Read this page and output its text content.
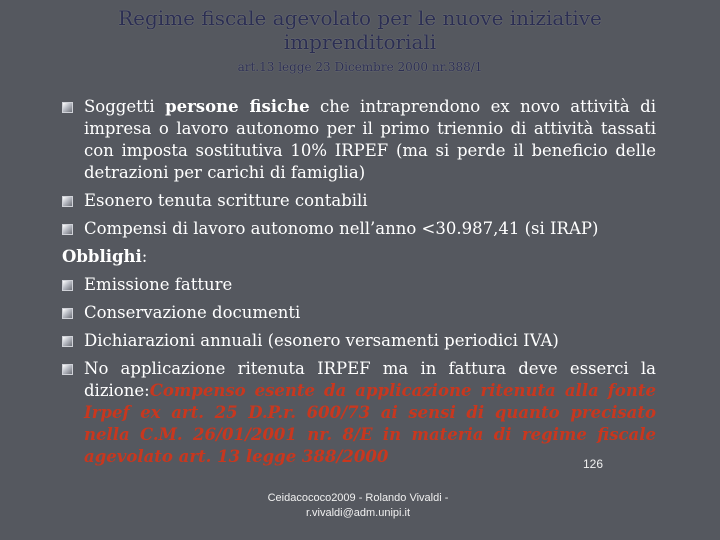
Regime fiscale agevolato per le nuove iniziative
imprenditoriali
art.13 legge 23 Dicembre 2000 nr.388/1
Soggetti persone fisiche che intraprendono ex novo attività di impresa o lavoro autonomo per il primo triennio di attività tassati con imposta sostitutiva 10% IRPEF (ma si perde il beneficio delle detrazioni per carichi di famiglia)
Esonero tenuta scritture contabili
Compensi di lavoro autonomo nell’anno <30.987,41 (si IRAP)
Obblighi:
Emissione fatture
Conservazione documenti
Dichiarazioni annuali (esonero versamenti periodici IVA)
No applicazione ritenuta IRPEF ma in fattura deve esserci la dizione:Compenso esente da applicazione ritenuta alla fonte Irpef ex art. 25 D.P.r. 600/73 ai sensi di quanto precisato nella C.M. 26/01/2001 nr. 8/E in materia di regime fiscale agevolato art. 13 legge 388/2000	126
Ceidacococo2009 - Rolando Vivaldi - r.vivaldi@adm.unipi.it
